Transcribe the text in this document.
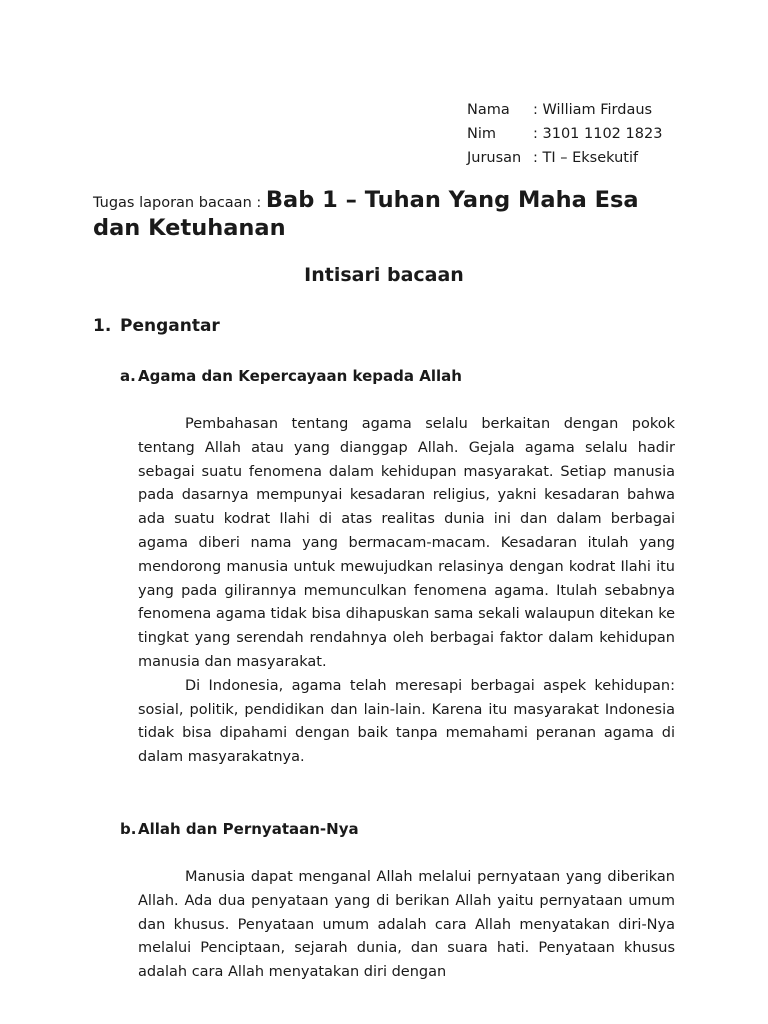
Nama	: William Firdaus
Nim	: 3101 1102 1823
Jurusan : TI – Eksekutif
Tugas laporan bacaan : Bab 1 – Tuhan Yang Maha Esa dan Ketuhanan
Intisari bacaan
1. Pengantar
a. Agama dan Kepercayaan kepada Allah

Pembahasan tentang agama selalu berkaitan dengan pokok tentang Allah atau yang dianggap Allah. Gejala agama selalu hadir sebagai suatu fenomena dalam kehidupan masyarakat. Setiap manusia pada dasarnya mempunyai kesadaran religius, yakni kesadaran bahwa ada suatu kodrat Ilahi di atas realitas dunia ini dan dalam berbagai agama diberi nama yang bermacam-macam. Kesadaran itulah yang mendorong manusia untuk mewujudkan relasinya dengan kodrat Ilahi itu yang pada gilirannya memunculkan fenomena agama. Itulah sebabnya fenomena agama tidak bisa dihapuskan sama sekali walaupun ditekan ke tingkat yang serendah rendahnya oleh berbagai faktor dalam kehidupan manusia dan masyarakat.

Di Indonesia, agama telah meresapi berbagai aspek kehidupan: sosial, politik, pendidikan dan lain-lain. Karena itu masyarakat Indonesia tidak bisa dipahami dengan baik tanpa memahami peranan agama di dalam masyarakatnya.

b. Allah dan Pernyataan-Nya

Manusia dapat menganal Allah melalui pernyataan yang diberikan Allah. Ada dua penyataan yang di berikan Allah yaitu pernyataan umum dan khusus. Penyataan umum adalah cara Allah menyatakan diri-Nya melalui Penciptaan, sejarah dunia, dan suara hati. Penyataan khusus adalah cara Allah menyatakan diri dengan
